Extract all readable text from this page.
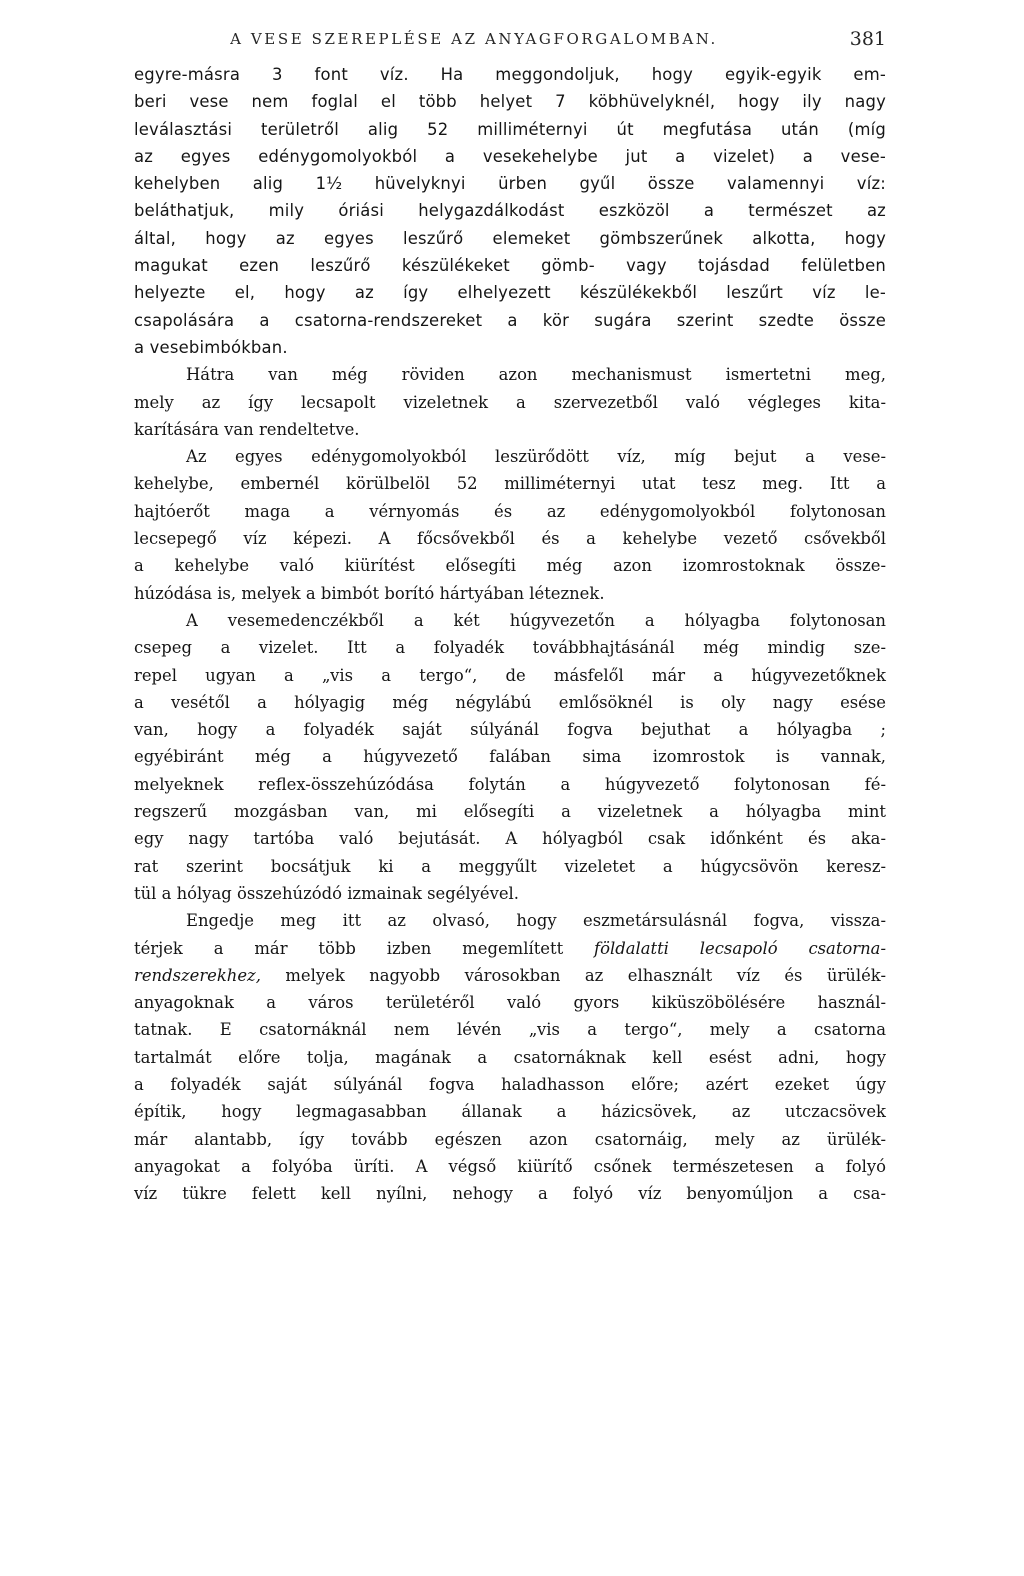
A VESE SZEREPLÉSE AZ ANYAGFORGALOMBAN.	381
egyre-másra 3 font víz. Ha meggondoljuk, hogy egyik-egyik em-
beri vese nem foglal el több helyet 7 köbhüvelyknél, hogy ily nagy
leválasztási területről alig 52 milliméternyi út megfutása után (míg
az egyes edénygomolyokból a vesekehelybe jut a vizelet) a vese-
kehelyben alig 1½ hüvelyknyi ürben gyűl össze valamennyi víz:
beláthatjuk, mily óriási helygazdálkodást eszközöl a természet az
által, hogy az egyes leszűrő elemeket gömbszerűnek alkotta, hogy
magukat ezen leszűrő készülékeket gömb- vagy tojásdad felületben
helyezte el, hogy az így elhelyezett készülékekből leszűrt víz le-
csapolására a csatorna-rendszereket a kör sugára szerint szedte össze
a vesebimbókban.
Hátra van még röviden azon mechanismust ismertetni meg,
mely az így lecsapolt vizeletnek a szervezetből való végleges kita-
karítására van rendeltetve.
Az egyes edénygomolyokból leszürődött víz, míg bejut a vese-
kehelybe, embernél körülbelöl 52 milliméternyi utat tesz meg. Itt a
hajtóerőt maga a vérnyomás és az edénygomolyokból folytonosan
lecsepegő víz képezi. A főcsővekből és a kehelybe vezető csővekből
a kehelybe való kiürítést elősegíti még azon izomrostoknak össze-
húzódása is, melyek a bimbót borító hártyában léteznek.
A vesemedenczékből a két húgyvezetőn a hólyagba folytonosan
csepeg a vizelet. Itt a folyadék továbbhajtásánál még mindig sze-
repel ugyan a „vis a tergo“, de másfelől már a húgyvezetőknek
a vesétől a hólyagig még négylábú emlősöknél is oly nagy esése
van, hogy a folyadék saját súlyánál fogva bejuthat a hólyagba ;
egyébiránt még a húgyvezető falában sima izomrostok is vannak,
melyeknek reflex-összehúzódása folytán a húgyvezető folytonosan fé-
regszerű mozgásban van, mi elősegíti a vizeletnek a hólyagba mint
egy nagy tartóba való bejutását. A hólyagból csak időnként és aka-
rat szerint bocsátjuk ki a meggyűlt vizeletet a húgycsövön keresz-
tül a hólyag összehúzódó izmainak segélyével.
Engedje meg itt az olvasó, hogy eszmetársulásnál fogva, vissza-
térjek a már több izben megemlített földalatti lecsapoló csatorna-
rendszerekhez, melyek nagyobb városokban az elhasznált víz és ürülék-
anyagoknak a város területéről való gyors kiküszöbölésére használ-
tatnak. E csatornáknál nem lévén „vis a tergo“, mely a csatorna
tartalmát előre tolja, magának a csatornáknak kell esést adni, hogy
a folyadék saját súlyánál fogva haladhasson előre; azért ezeket úgy
építik, hogy legmagasabban állanak a házicsövek, az utczacsövek
már alantabb, így tovább egészen azon csatornáig, mely az ürülék-
anyagokat a folyóba üríti. A végső kiürítő csőnek természetesen a folyó
víz tükre felett kell nyílni, nehogy a folyó víz benyomúljon a csa-
